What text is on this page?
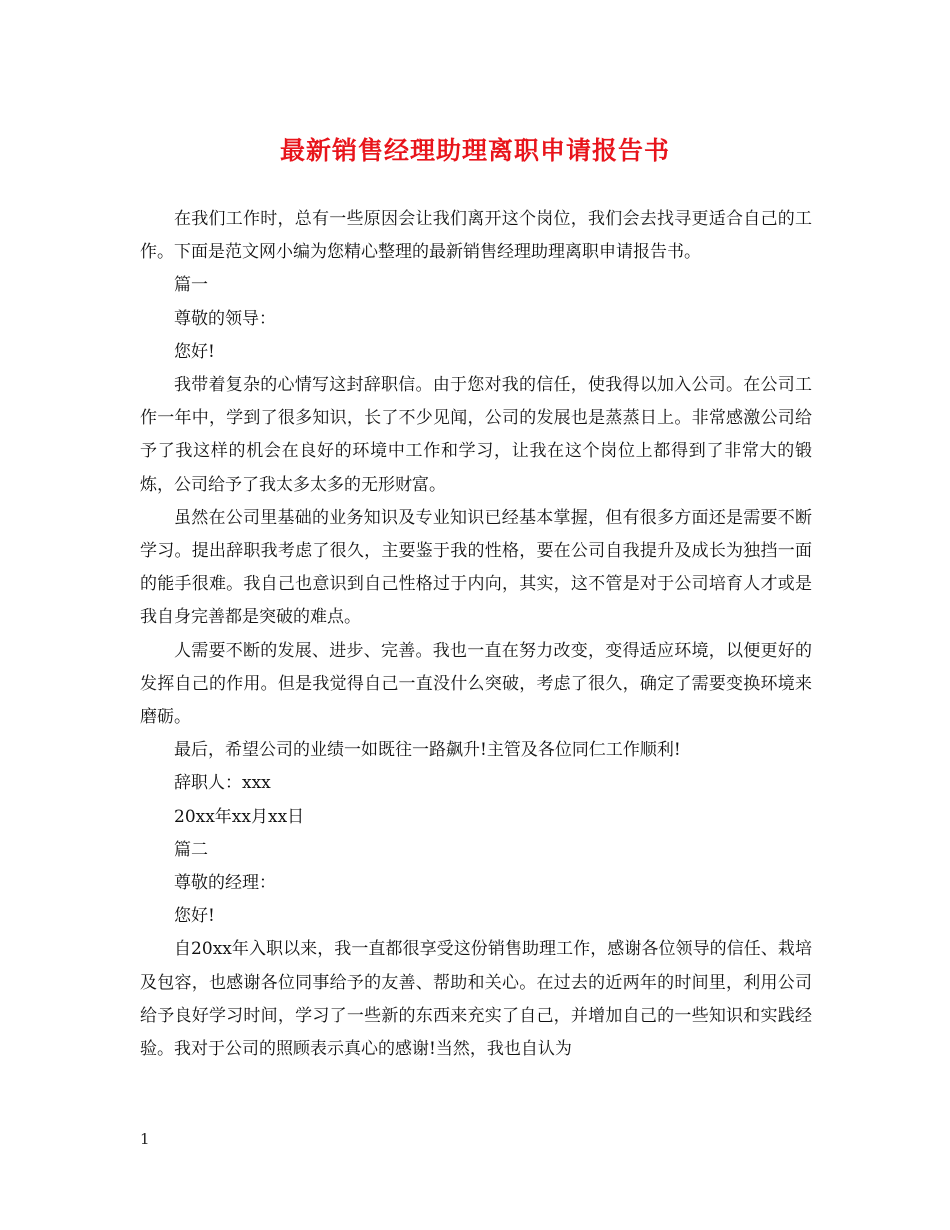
最新销售经理助理离职申请报告书

在我们工作时，总有一些原因会让我们离开这个岗位，我们会去找寻更适合自己的工作。下面是范文网小编为您精心整理的最新销售经理助理离职申请报告书。

篇一

尊敬的领导：

您好!

我带着复杂的心情写这封辞职信。由于您对我的信任，使我得以加入公司。在公司工作一年中，学到了很多知识，长了不少见闻，公司的发展也是蒸蒸日上。非常感激公司给予了我这样的机会在良好的环境中工作和学习，让我在这个岗位上都得到了非常大的锻炼，公司给予了我太多太多的无形财富。

虽然在公司里基础的业务知识及专业知识已经基本掌握，但有很多方面还是需要不断学习。提出辞职我考虑了很久，主要鉴于我的性格，要在公司自我提升及成长为独挡一面的能手很难。我自己也意识到自己性格过于内向，其实，这不管是对于公司培育人才或是我自身完善都是突破的难点。

人需要不断的发展、进步、完善。我也一直在努力改变，变得适应环境，以便更好的发挥自己的作用。但是我觉得自己一直没什么突破，考虑了很久，确定了需要变换环境来磨砺。

最后，希望公司的业绩一如既往一路飙升!主管及各位同仁工作顺利!

辞职人：xxx

20xx年xx月xx日

篇二

尊敬的经理：

您好!

自20xx年入职以来，我一直都很享受这份销售助理工作，感谢各位领导的信任、栽培及包容，也感谢各位同事给予的友善、帮助和关心。在过去的近两年的时间里，利用公司给予良好学习时间，学习了一些新的东西来充实了自己，并增加自己的一些知识和实践经验。我对于公司的照顾表示真心的感谢!当然，我也自认为

1
